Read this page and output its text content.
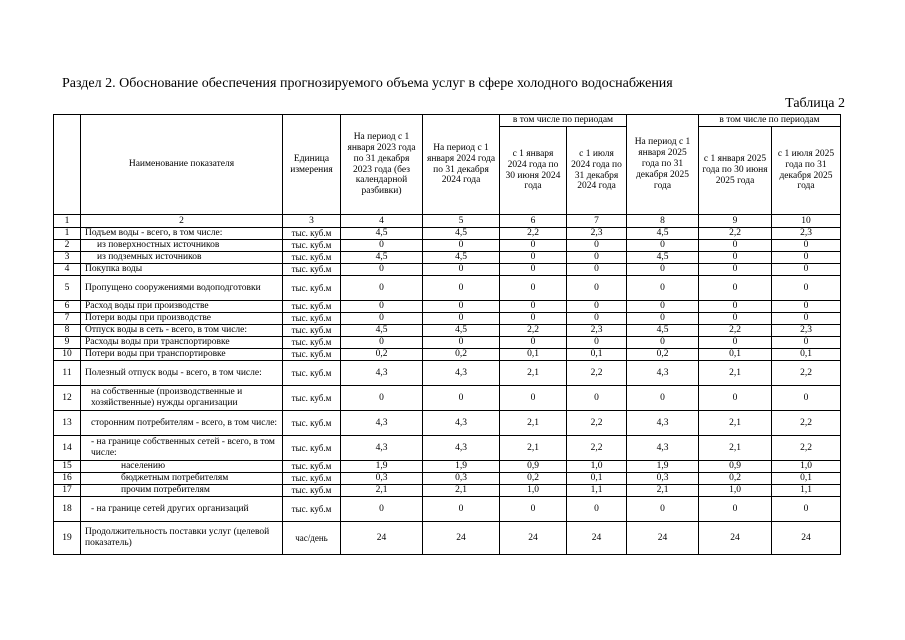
Раздел 2. Обоснование обеспечения прогнозируемого объема услуг в сфере холодного водоснабжения
Таблица 2
	Наименование показателя	Единица измерения	На период с 1 января 2023 года по 31 декабря 2023 года (без календарной разбивки)	На период с 1 января 2024 года по 31 декабря 2024 года	в том числе по периодам		На период с 1 января 2025 года по 31 декабря 2025 года	в том числе по периодам	
					с 1 января 2024 года по 30 июня 2024 года	с 1 июля 2024 года по 31 декабря 2024 года		с 1 января 2025 года по 30 июня 2025 года	с 1 июля 2025 года по 31 декабря 2025 года
1	2	3	4	5	6	7	8	9	10
1	Подъем воды - всего, в том числе:	тыс. куб.м	4,5	4,5	2,2	2,3	4,5	2,2	2,3
2	из поверхностных источников	тыс. куб.м	0	0	0	0	0	0	0
3	из подземных источников	тыс. куб.м	4,5	4,5	0	0	4,5	0	0
4	Покупка воды	тыс. куб.м	0	0	0	0	0	0	0
5	Пропущено сооружениями водоподготовки	тыс. куб.м	0	0	0	0	0	0	0
6	Расход воды при производстве	тыс. куб.м	0	0	0	0	0	0	0
7	Потери воды при производстве	тыс. куб.м	0	0	0	0	0	0	0
8	Отпуск воды в сеть - всего, в том числе:	тыс. куб.м	4,5	4,5	2,2	2,3	4,5	2,2	2,3
9	Расходы воды при транспортировке	тыс. куб.м	0	0	0	0	0	0	0
10	Потери воды при транспортировке	тыс. куб.м	0,2	0,2	0,1	0,1	0,2	0,1	0,1
11	Полезный отпуск воды - всего, в том числе:	тыс. куб.м	4,3	4,3	2,1	2,2	4,3	2,1	2,2
12	на собственные (производственные и хозяйственные) нужды организации	тыс. куб.м	0	0	0	0	0	0	0
13	сторонним потребителям - всего, в том числе:	тыс. куб.м	4,3	4,3	2,1	2,2	4,3	2,1	2,2
14	- на границе собственных сетей - всего, в том числе:	тыс. куб.м	4,3	4,3	2,1	2,2	4,3	2,1	2,2
15	населению	тыс. куб.м	1,9	1,9	0,9	1,0	1,9	0,9	1,0
16	бюджетным потребителям	тыс. куб.м	0,3	0,3	0,2	0,1	0,3	0,2	0,1
17	прочим потребителям	тыс. куб.м	2,1	2,1	1,0	1,1	2,1	1,0	1,1
18	- на границе сетей других организаций	тыс. куб.м	0	0	0	0	0	0	0
19	Продолжительность поставки услуг (целевой показатель)	час/день	24	24	24	24	24	24	24
